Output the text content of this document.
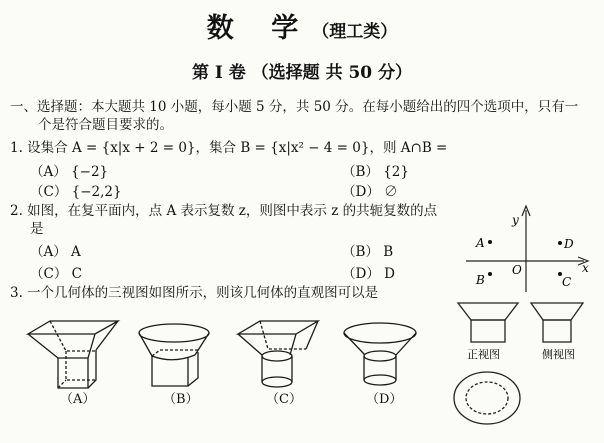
数 学（理工类）
第 I 卷 （选择题 共 50 分）
一、选择题：本大题共 10 小题，每小题 5 分，共 50 分。在每小题给出的四个选项中，只有一
个是符合题目要求的。
1. 设集合 A = {x|x + 2 = 0}，集合 B = {x|x² − 4 = 0}，则 A∩B =
（A） {−2}	（B） {2}
（C） {−2,2}	（D） ∅
2. 如图，在复平面内，点 A 表示复数 z，则图中表示 z 的共轭复数的点
是
（A） A	（B） B
（C） C	（D） D
3. 一个几何体的三视图如图所示，则该几何体的直观图可以是
y
x
O
A
B	C
D
正视图	侧视图
（A）	（B）	（C）	（D）
